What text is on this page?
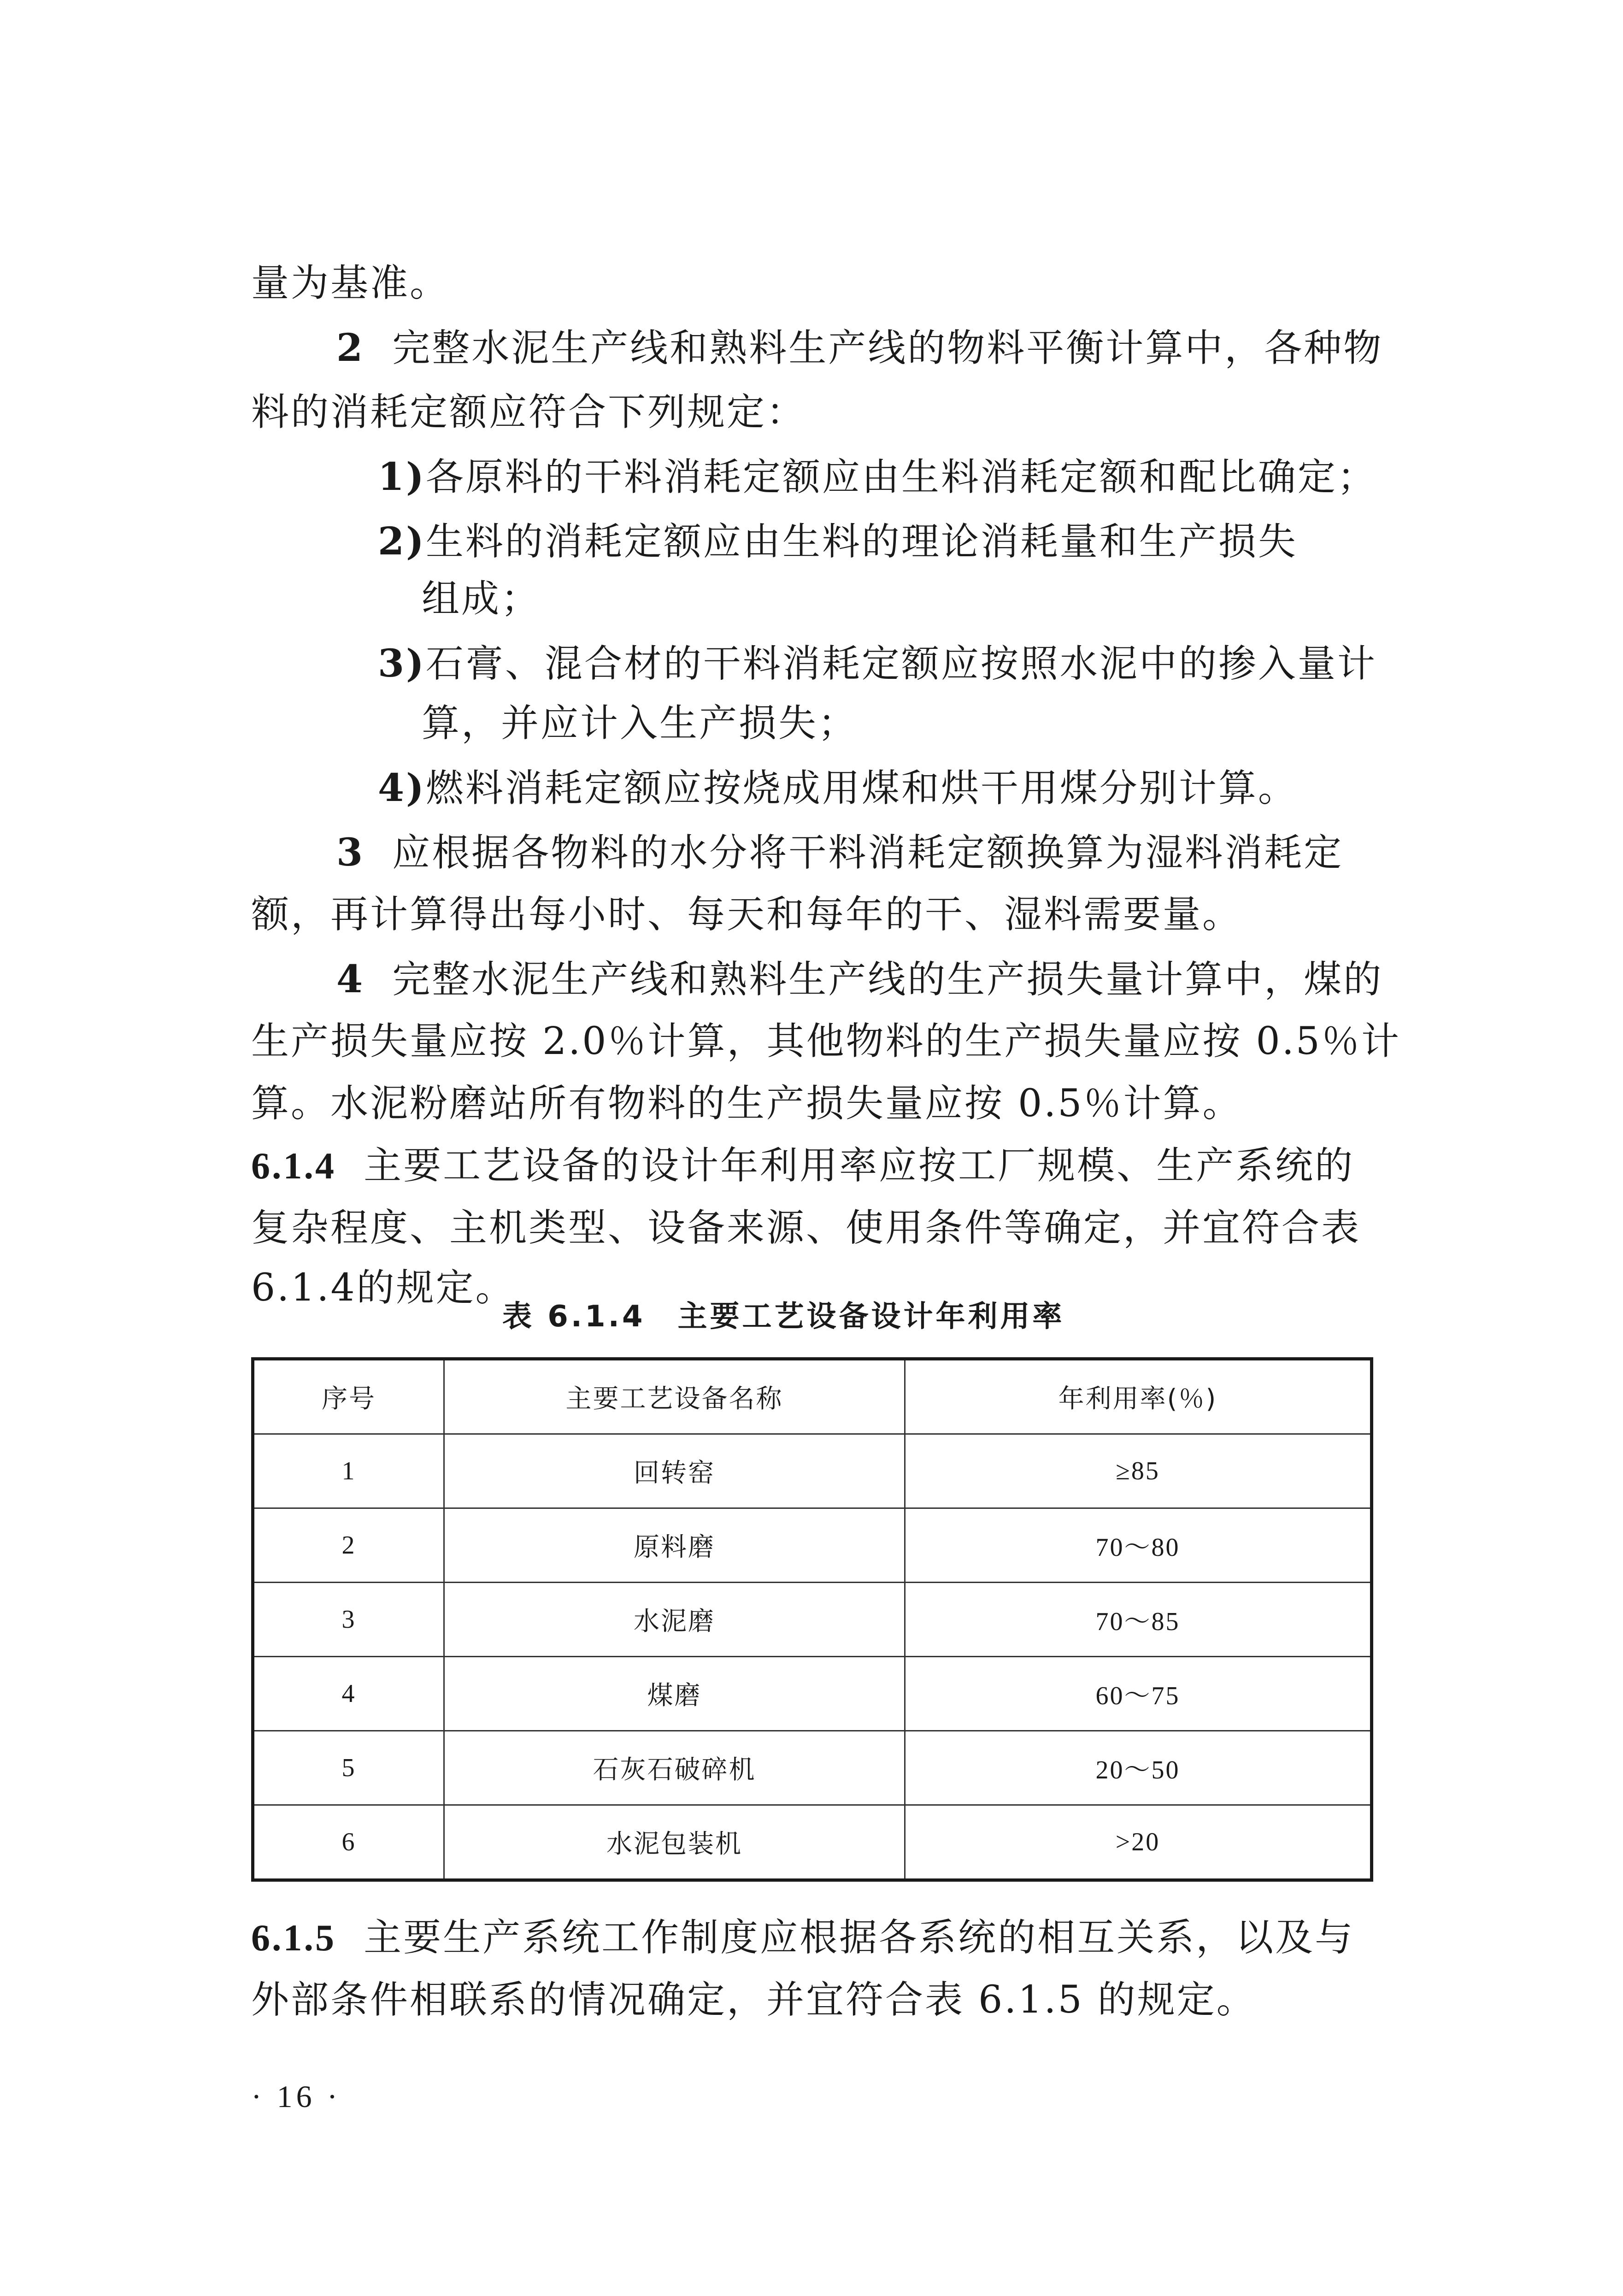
量为基准。
2 完整水泥生产线和熟料生产线的物料平衡计算中，各种物
料的消耗定额应符合下列规定：
1)各原料的干料消耗定额应由生料消耗定额和配比确定；
2)生料的消耗定额应由生料的理论消耗量和生产损失
组成；
3)石膏、混合材的干料消耗定额应按照水泥中的掺入量计
算，并应计入生产损失；
4)燃料消耗定额应按烧成用煤和烘干用煤分别计算。
3 应根据各物料的水分将干料消耗定额换算为湿料消耗定
额，再计算得出每小时、每天和每年的干、湿料需要量。
4 完整水泥生产线和熟料生产线的生产损失量计算中，煤的
生产损失量应按 2.0％计算，其他物料的生产损失量应按 0.5％计
算。水泥粉磨站所有物料的生产损失量应按 0.5％计算。
6.1.4 主要工艺设备的设计年利用率应按工厂规模、生产系统的
复杂程度、主机类型、设备来源、使用条件等确定，并宜符合表
6.1.4的规定。
表 6.1.4　主要工艺设备设计年利用率
序号	主要工艺设备名称	年利用率(％)
1	回转窑	≥85
2	原料磨	70～80
3	水泥磨	70～85
4	煤磨	60～75
5	石灰石破碎机	20～50
6	水泥包装机	>20
6.1.5 主要生产系统工作制度应根据各系统的相互关系，以及与
外部条件相联系的情况确定，并宜符合表 6.1.5 的规定。
· 16 ·
